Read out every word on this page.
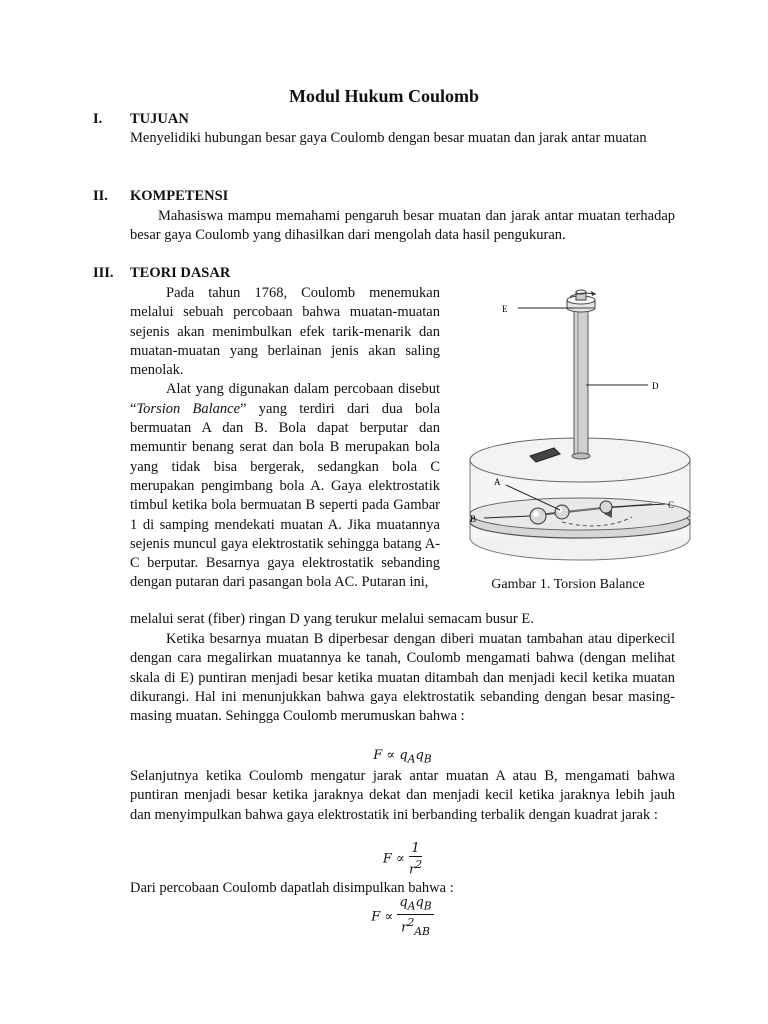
Modul Hukum Coulomb
I. TUJUAN
Menyelidiki hubungan besar gaya Coulomb dengan besar muatan dan jarak antar muatan
II. KOMPETENSI

Mahasiswa mampu memahami pengaruh besar muatan dan jarak antar muatan terhadap besar gaya Coulomb yang dihasilkan dari mengolah data hasil pengukuran.

III. TEORI DASAR

Pada tahun 1768, Coulomb menemukan melalui sebuah percobaan bahwa muatan-muatan sejenis akan menimbulkan efek tarik-menarik dan muatan-muatan yang berlainan jenis akan saling menolak.

Alat yang digunakan dalam percobaan disebut “Torsion Balance” yang terdiri dari dua bola bermuatan A dan B. Bola dapat berputar dan memuntir benang serat dan bola B merupakan bola yang tidak bisa bergerak, sedangkan bola C merupakan pengimbang bola A. Gaya elektrostatik timbul ketika bola bermuatan B seperti pada Gambar 1 di samping mendekati muatan A. Jika muatannya sejenis muncul gaya elektrostatik sehingga batang A-C berputar. Besarnya gaya elektrostatik sebanding dengan putaran dari pasangan bola AC. Putaran ini,

melalui serat (fiber) ringan D yang terukur melalui semacam busur E.

Ketika besarnya muatan B diperbesar dengan diberi muatan tambahan atau diperkecil dengan cara megalirkan muatannya ke tanah, Coulomb mengamati bahwa (dengan melihat skala di E) puntiran menjadi besar ketika muatan ditambah dan menjadi kecil ketika muatan dikurangi. Hal ini menunjukkan bahwa gaya elektrostatik sebanding dengan besar masing-masing muatan. Sehingga Coulomb merumuskan bahwa :

$F \propto q_Aq_B$

Selanjutnya ketika Coulomb mengatur jarak antar muatan A atau B, mengamati bahwa puntiran menjadi besar ketika jaraknya dekat dan menjadi kecil ketika jaraknya lebih jauh dan menyimpulkan bahwa gaya elektrostatik ini berbanding terbalik dengan kuadrat jarak :

$F \propto \frac{1}{r^2}$
Dari percobaan Coulomb dapatlah disimpulkan bahwa :
$F \propto \frac{q_Aq_B}{r^2_{AB}}$
E
D
A
B
C
Gambar 1. Torsion Balance
